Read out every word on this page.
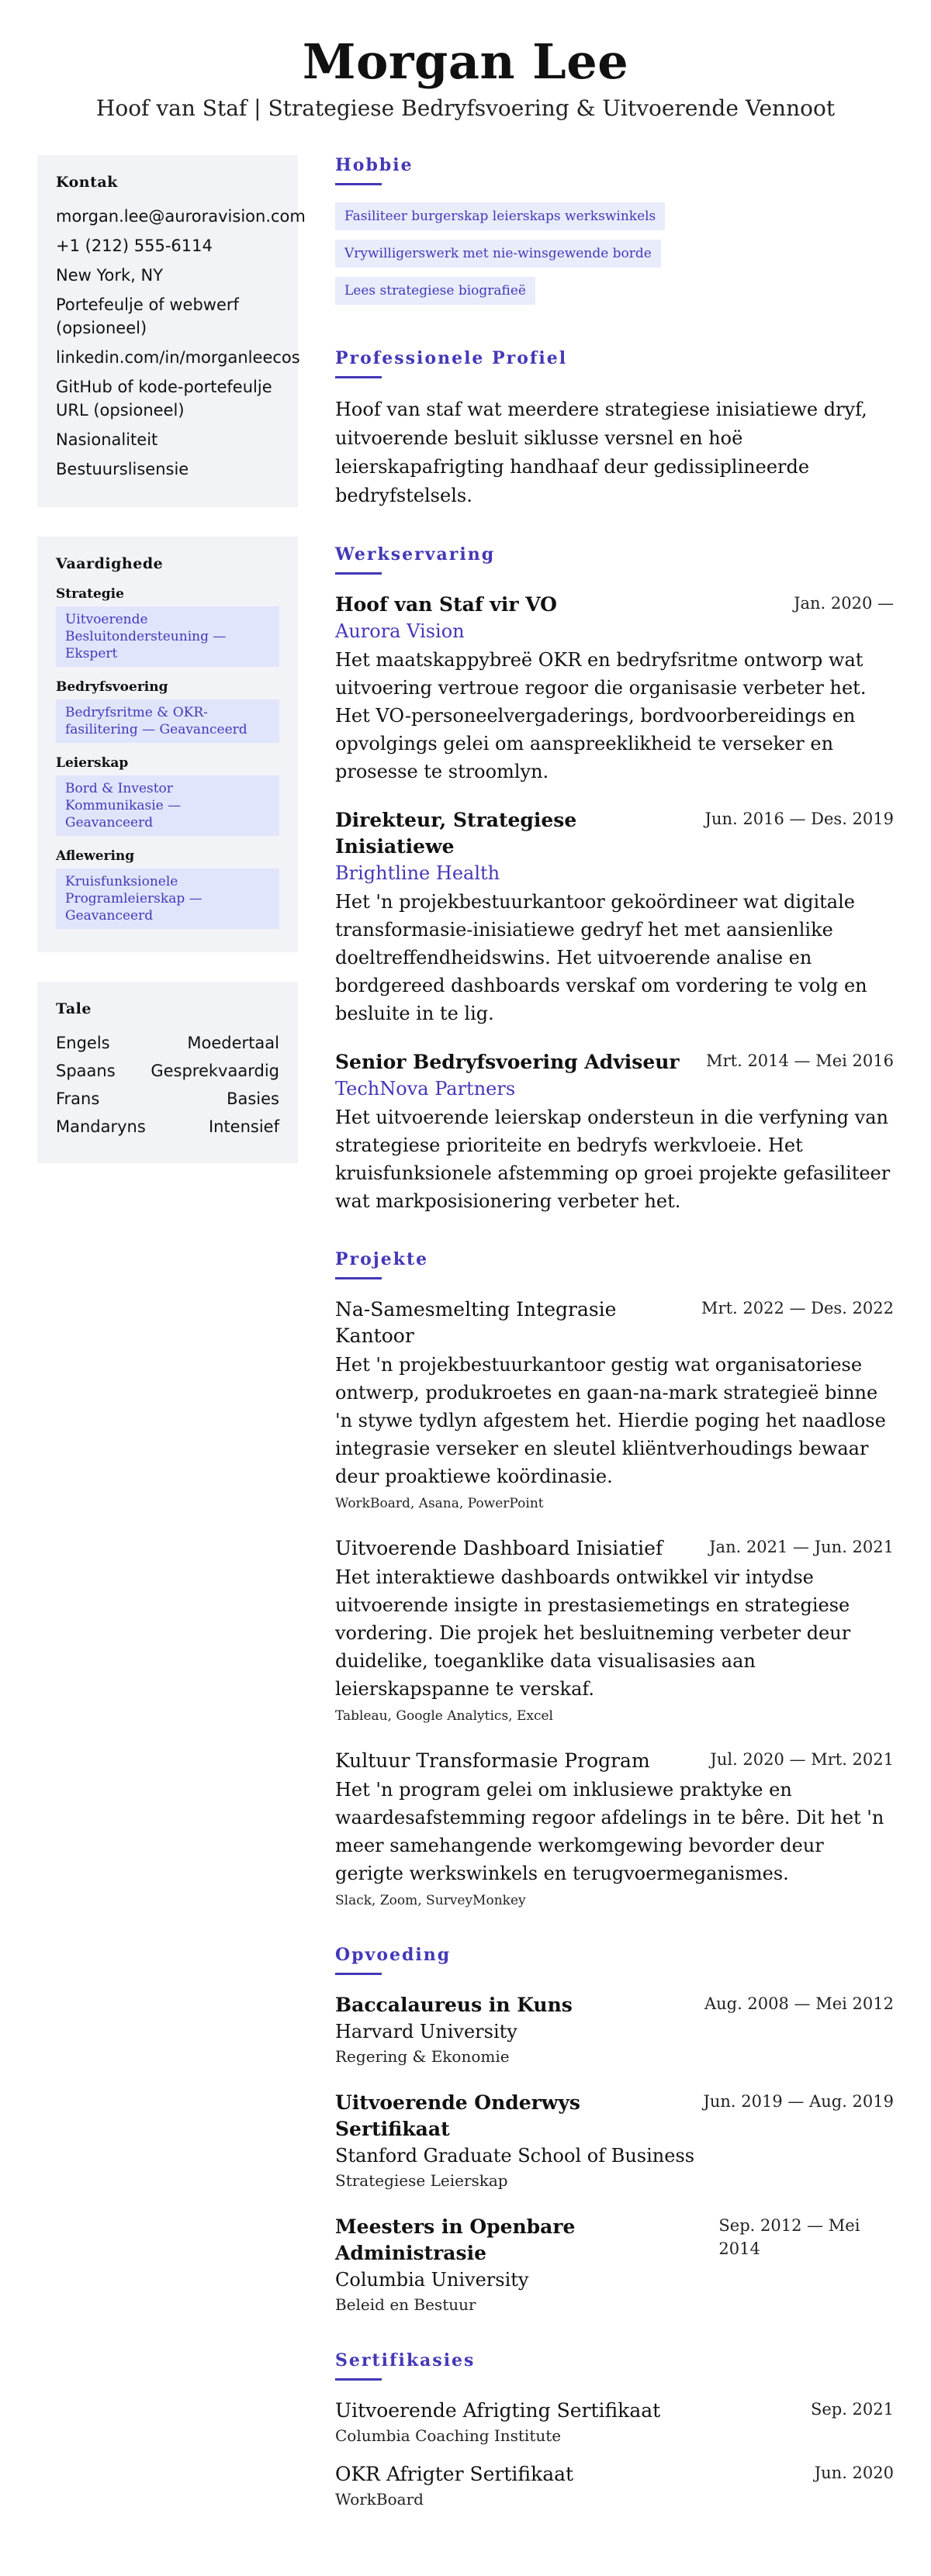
Morgan Lee
Hoof van Staf | Strategiese Bedryfsvoering & Uitvoerende Vennoot
Kontak
morgan.lee@auroravision.com
+1 (212) 555-6114
New York, NY
Portefeulje of webwerf (opsioneel)
linkedin.com/in/morganleecos
GitHub of kode-portefeulje URL (opsioneel)
Nasionaliteit
Bestuurslisensie
Vaardighede
Strategie
Uitvoerende Besluitondersteuning — Ekspert
Bedryfsvoering
Bedryfsritme & OKR-fasilitering — Geavanceerd
Leierskap
Bord & Investor Kommunikasie — Geavanceerd
Aflewering
Kruisfunksionele Programleierskap — Geavanceerd
Tale
Engels	Moedertaal
Spaans Gesprekvaardig
Frans	Basies
Mandaryns	Intensief
Hobbie
Fasiliteer burgerskap leierskaps werkswinkels
Vrywilligerswerk met nie-winsgewende borde
Lees strategiese biografieë
Professionele Profiel

Hoof van staf wat meerdere strategiese inisiatiewe dryf, uitvoerende besluit siklusse versnel en hoë leierskapafrigting handhaaf deur gedissiplineerde bedryfstelsels.

Werkservaring
Hoof van Staf vir VO	Jan. 2020 —
Aurora Vision
Het maatskappybreë OKR en bedryfsritme ontworp wat uitvoering vertroue regoor die organisasie verbeter het. Het VO-personeelvergaderings, bordvoorbereidings en opvolgings gelei om aanspreeklikheid te verseker en prosesse te stroomlyn.
Direkteur, Strategiese Inisiatiewe
Jun. 2016 — Des. 2019
Brightline Health
Het 'n projekbestuurkantoor gekoördineer wat digitale transformasie-inisiatiewe gedryf het met aansienlike doeltreffendheidswins. Het uitvoerende analise en bordgereed dashboards verskaf om vordering te volg en besluite in te lig.
Senior Bedryfsvoering Adviseur Mrt. 2014 — Mei 2016
TechNova Partners
Het uitvoerende leierskap ondersteun in die verfyning van strategiese prioriteite en bedryfs werkvloeie. Het kruisfunksionele afstemming op groei projekte gefasiliteer wat markposisionering verbeter het.
Projekte
Na-Samesmelting Integrasie Kantoor
Mrt. 2022 — Des. 2022
Het 'n projekbestuurkantoor gestig wat organisatoriese ontwerp, produkroetes en gaan-na-mark strategieë binne 'n stywe tydlyn afgestem het. Hierdie poging het naadlose integrasie verseker en sleutel kliëntverhoudings bewaar deur proaktiewe koördinasie.
WorkBoard, Asana, PowerPoint
Uitvoerende Dashboard Inisiatief	Jan. 2021 — Jun. 2021
Het interaktiewe dashboards ontwikkel vir intydse uitvoerende insigte in prestasiemetings en strategiese vordering. Die projek het besluitneming verbeter deur duidelike, toeganklike data visualisasies aan leierskapspanne te verskaf.
Tableau, Google Analytics, Excel
Kultuur Transformasie Program	Jul. 2020 — Mrt. 2021
Het 'n program gelei om inklusiewe praktyke en waardesafstemming regoor afdelings in te bêre. Dit het 'n meer samehangende werkomgewing bevorder deur gerigte werkswinkels en terugvoermeganismes.
Slack, Zoom, SurveyMonkey
Opvoeding
Baccalaureus in Kuns	Aug. 2008 — Mei 2012
Harvard University
Regering & Ekonomie
Uitvoerende Onderwys Sertifikaat
Jun. 2019 — Aug. 2019
Stanford Graduate School of Business
Strategiese Leierskap
Meesters in Openbare Administrasie
Sep. 2012 — Mei 2014
Columbia University
Beleid en Bestuur
Sertifikasies
Uitvoerende Afrigting Sertifikaat	Sep. 2021
Columbia Coaching Institute
OKR Afrigter Sertifikaat	Jun. 2020
WorkBoard
